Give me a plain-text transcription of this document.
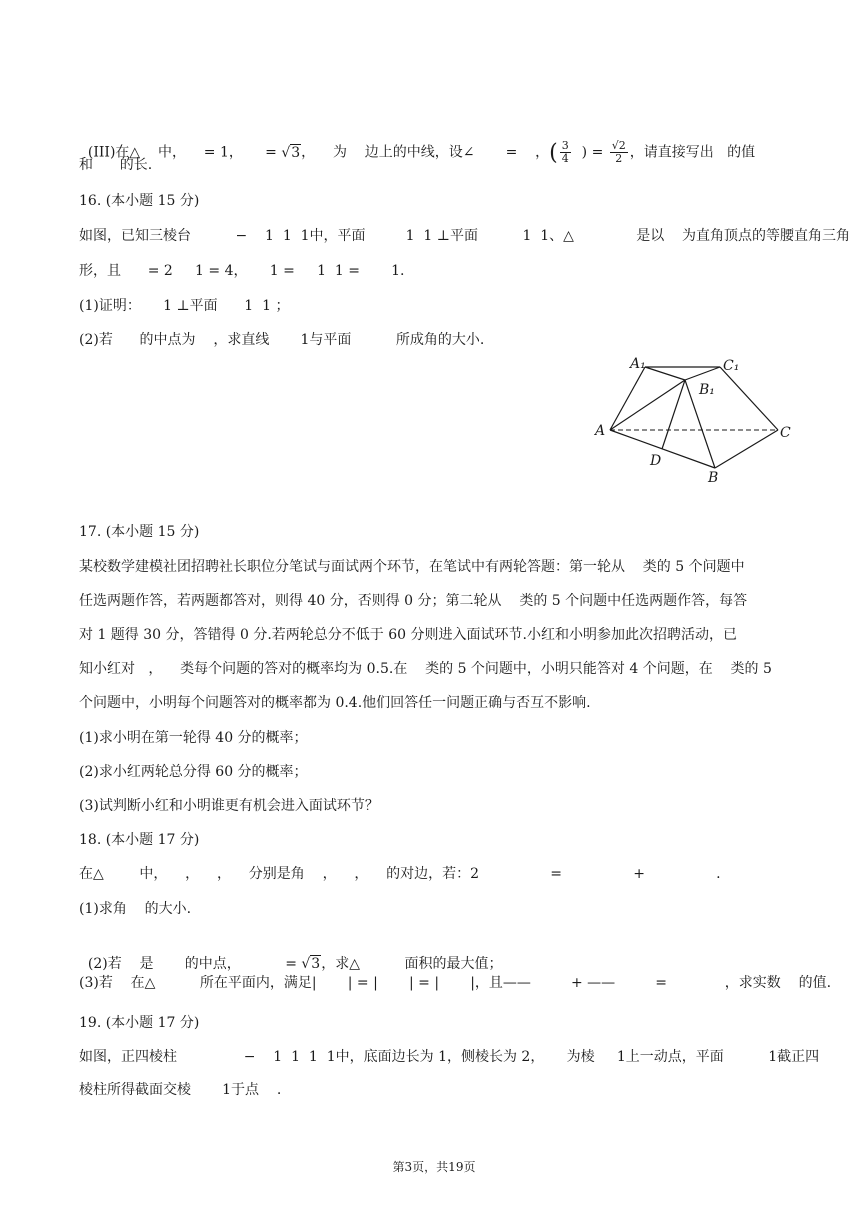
(III)在△    中，    = 1，     = √3，    为    边上的中线，设∠       =    ，( $\frac{3}{4}$ ) = $\frac{√2}{2}$ ，请直接写出   的值

和      的长.
16. (本小题 15 分)
如图，已知三棱台          −    1  1  1中，平面         1  1 ⊥平面          1  1、△              是以    为直角顶点的等腰直角三角
形，且      = 2     1 = 4，     1 =     1  1 =       1.
(1)证明：     1 ⊥平面      1  1 ；
(2)若      的中点为    ，求直线       1与平面          所成角的大小.
A₁	C₁
B₁
A	C
D
B
17. (本小题 15 分)
某校数学建模社团招聘社长职位分笔试与面试两个环节，在笔试中有两轮答题：第一轮从    类的 5 个问题中
任选两题作答，若两题都答对，则得 40 分，否则得 0 分；第二轮从    类的 5 个问题中任选两题作答，每答
对 1 题得 30 分，答错得 0 分.若两轮总分不低于 60 分则进入面试环节.小红和小明参加此次招聘活动，已
知小红对   ，    类每个问题的答对的概率均为 0.5.在    类的 5 个问题中，小明只能答对 4 个问题，在    类的 5
个问题中，小明每个问题答对的概率都为 0.4.他们回答任一问题正确与否互不影响.
(1)求小明在第一轮得 40 分的概率；
(2)求小红两轮总分得 60 分的概率；
(3)试判断小红和小明谁更有机会进入面试环节？
18. (本小题 17 分)
在△        中，    ，    ，    分别是角    ，    ，    的对边，若：2                =                +                .
(1)求角    的大小.

(2)若    是       的中点，          = √3，求△          面积的最大值；

(3)若    在△          所在平面内，满足|       | = |       | = |       |，且——         + ——         =             ，求实数    的值.
19. (本小题 17 分)
如图，正四棱柱               −    1  1  1  1中，底面边长为 1，侧棱长为 2，     为棱     1上一动点，平面          1截正四
棱柱所得截面交棱       1于点    .
第3页，共19页
